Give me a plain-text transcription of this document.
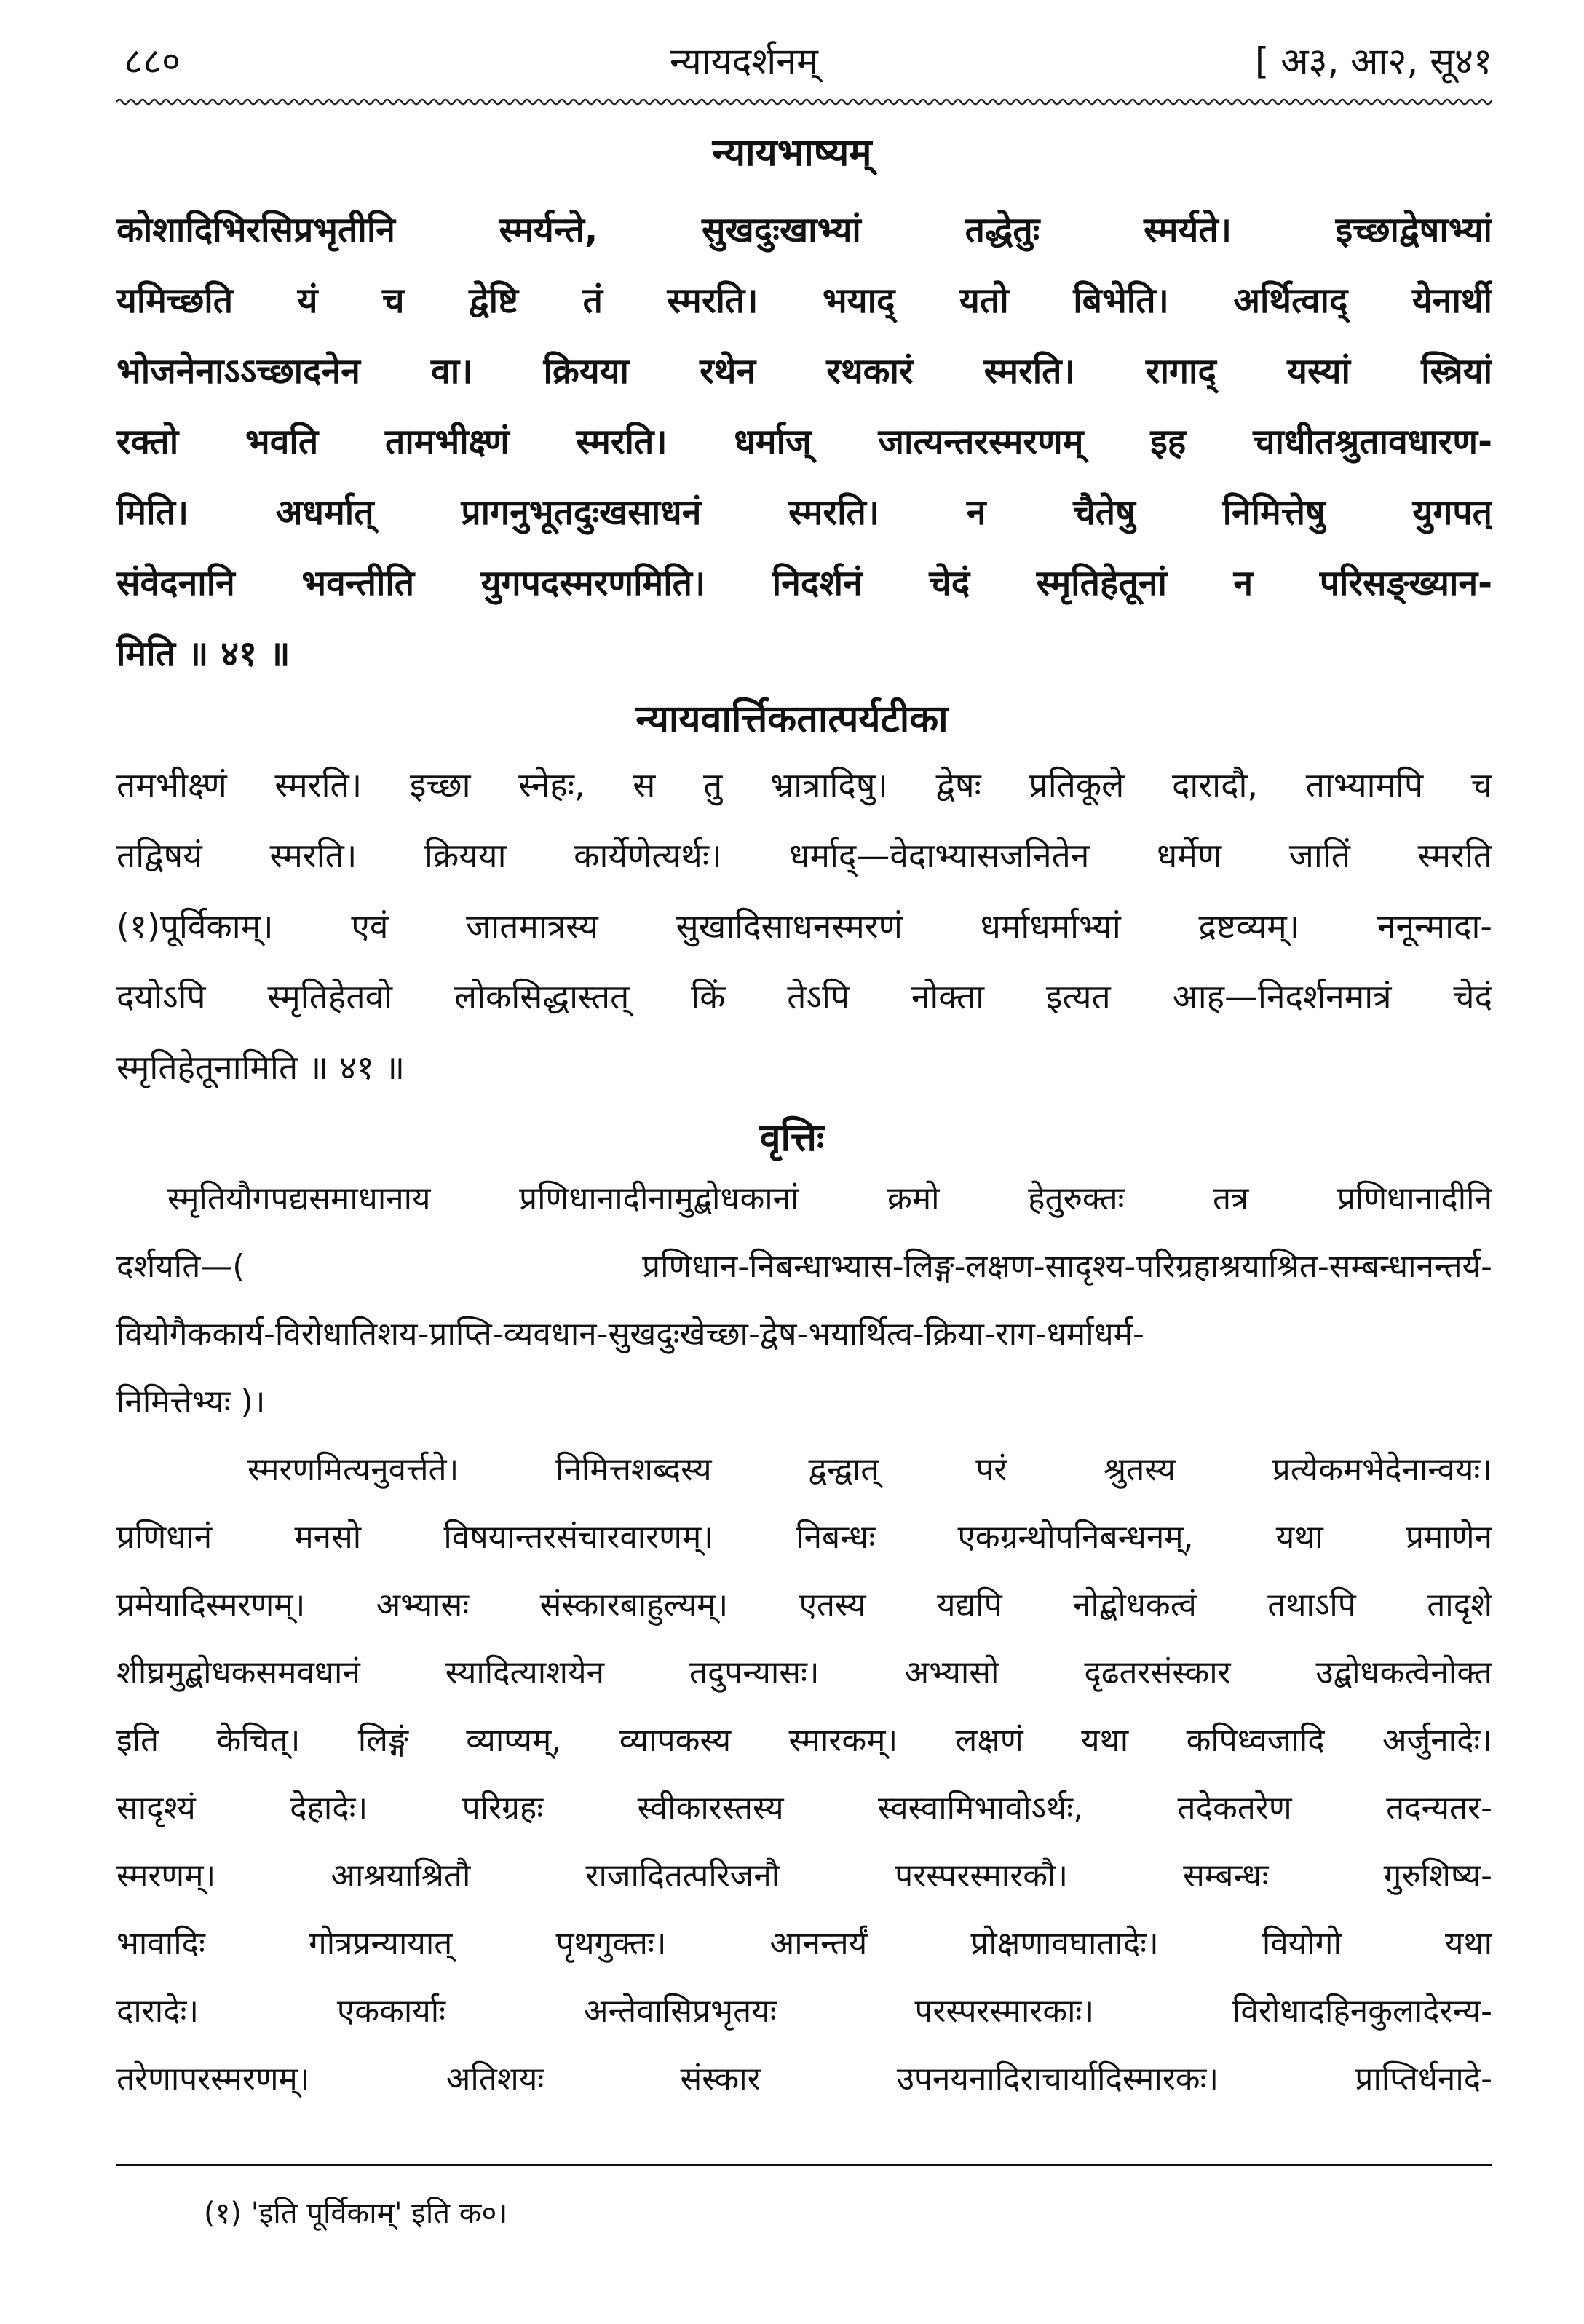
८८०	न्यायदर्शनम्	[ अ३, आ२, सू४१
न्यायभाष्यम्
कोशादिभिरसिप्रभृतीनि स्मर्यन्ते, सुखदुःखाभ्यां तद्धेतुः स्मर्यते। इच्छाद्वेषाभ्यां
यमिच्छति यं च द्वेष्टि तं स्मरति। भयाद् यतो बिभेति। अर्थित्वाद् येनार्थी
भोजनेनाऽऽच्छादनेन वा। क्रियया रथेन रथकारं स्मरति। रागाद् यस्यां स्त्रियां
रक्तो भवति तामभीक्ष्णं स्मरति। धर्माज् जात्यन्तरस्मरणम् इह चाधीतश्रुतावधारण-
मिति। अधर्मात् प्रागनुभूतदुःखसाधनं स्मरति। न चैतेषु निमित्तेषु युगपत्
संवेदनानि भवन्तीति युगपदस्मरणमिति। निदर्शनं चेदं स्मृतिहेतूनां न परिसङ्ख्यान-
मिति ॥ ४१ ॥
न्यायवार्त्तिकतात्पर्यटीका
तमभीक्ष्णं स्मरति। इच्छा स्नेहः, स तु भ्रात्रादिषु। द्वेषः प्रतिकूले दारादौ, ताभ्यामपि च
तद्विषयं स्मरति। क्रियया कार्येणेत्यर्थः। धर्माद्—वेदाभ्यासजनितेन धर्मेण जातिं स्मरति
(१)पूर्विकाम्। एवं जातमात्रस्य सुखादिसाधनस्मरणं धर्माधर्माभ्यां द्रष्टव्यम्। ननून्मादा-
दयोऽपि स्मृतिहेतवो लोकसिद्धास्तत् किं तेऽपि नोक्ता इत्यत आह—निदर्शनमात्रं चेदं
स्मृतिहेतूनामिति ॥ ४१ ॥
वृत्तिः
स्मृतियौगपद्यसमाधानाय प्रणिधानादीनामुद्बोधकानां क्रमो हेतुरुक्तः तत्र प्रणिधानादीनि
दर्शयति—( प्रणिधान-निबन्धाभ्यास-लिङ्ग-लक्षण-सादृश्य-परिग्रहाश्रयाश्रित-सम्बन्धानन्तर्य-
वियोगैककार्य-विरोधातिशय-प्राप्ति-व्यवधान-सुखदुःखेच्छा-द्वेष-भयार्थित्व-क्रिया-राग-धर्माधर्म-
निमित्तेभ्यः )।
स्मरणमित्यनुवर्त्तते। निमित्तशब्दस्य द्वन्द्वात् परं श्रुतस्य प्रत्येकमभेदेनान्वयः।
प्रणिधानं मनसो विषयान्तरसंचारवारणम्। निबन्धः एकग्रन्थोपनिबन्धनम्, यथा प्रमाणेन
प्रमेयादिस्मरणम्। अभ्यासः संस्कारबाहुल्यम्। एतस्य यद्यपि नोद्बोधकत्वं तथाऽपि तादृशे
शीघ्रमुद्बोधकसमवधानं स्यादित्याशयेन तदुपन्यासः। अभ्यासो दृढतरसंस्कार उद्बोधकत्वेनोक्त
इति केचित्। लिङ्गं व्याप्यम्, व्यापकस्य स्मारकम्। लक्षणं यथा कपिध्वजादि अर्जुनादेः।
सादृश्यं देहादेः। परिग्रहः स्वीकारस्तस्य स्वस्वामिभावोऽर्थः, तदेकतरेण तदन्यतर-
स्मरणम्। आश्रयाश्रितौ राजादितत्परिजनौ परस्परस्मारकौ। सम्बन्धः गुरुशिष्य-
भावादिः गोत्रप्रन्यायात् पृथगुक्तः। आनन्तर्यं प्रोक्षणावघातादेः। वियोगो यथा
दारादेः। एककार्याः अन्तेवासिप्रभृतयः परस्परस्मारकाः। विरोधादहिनकुलादेरन्य-
तरेणापरस्मरणम्। अतिशयः संस्कार उपनयनादिराचार्यादिस्मारकः। प्राप्तिर्धनादे-
(१) 'इति पूर्विकाम्' इति क०।
